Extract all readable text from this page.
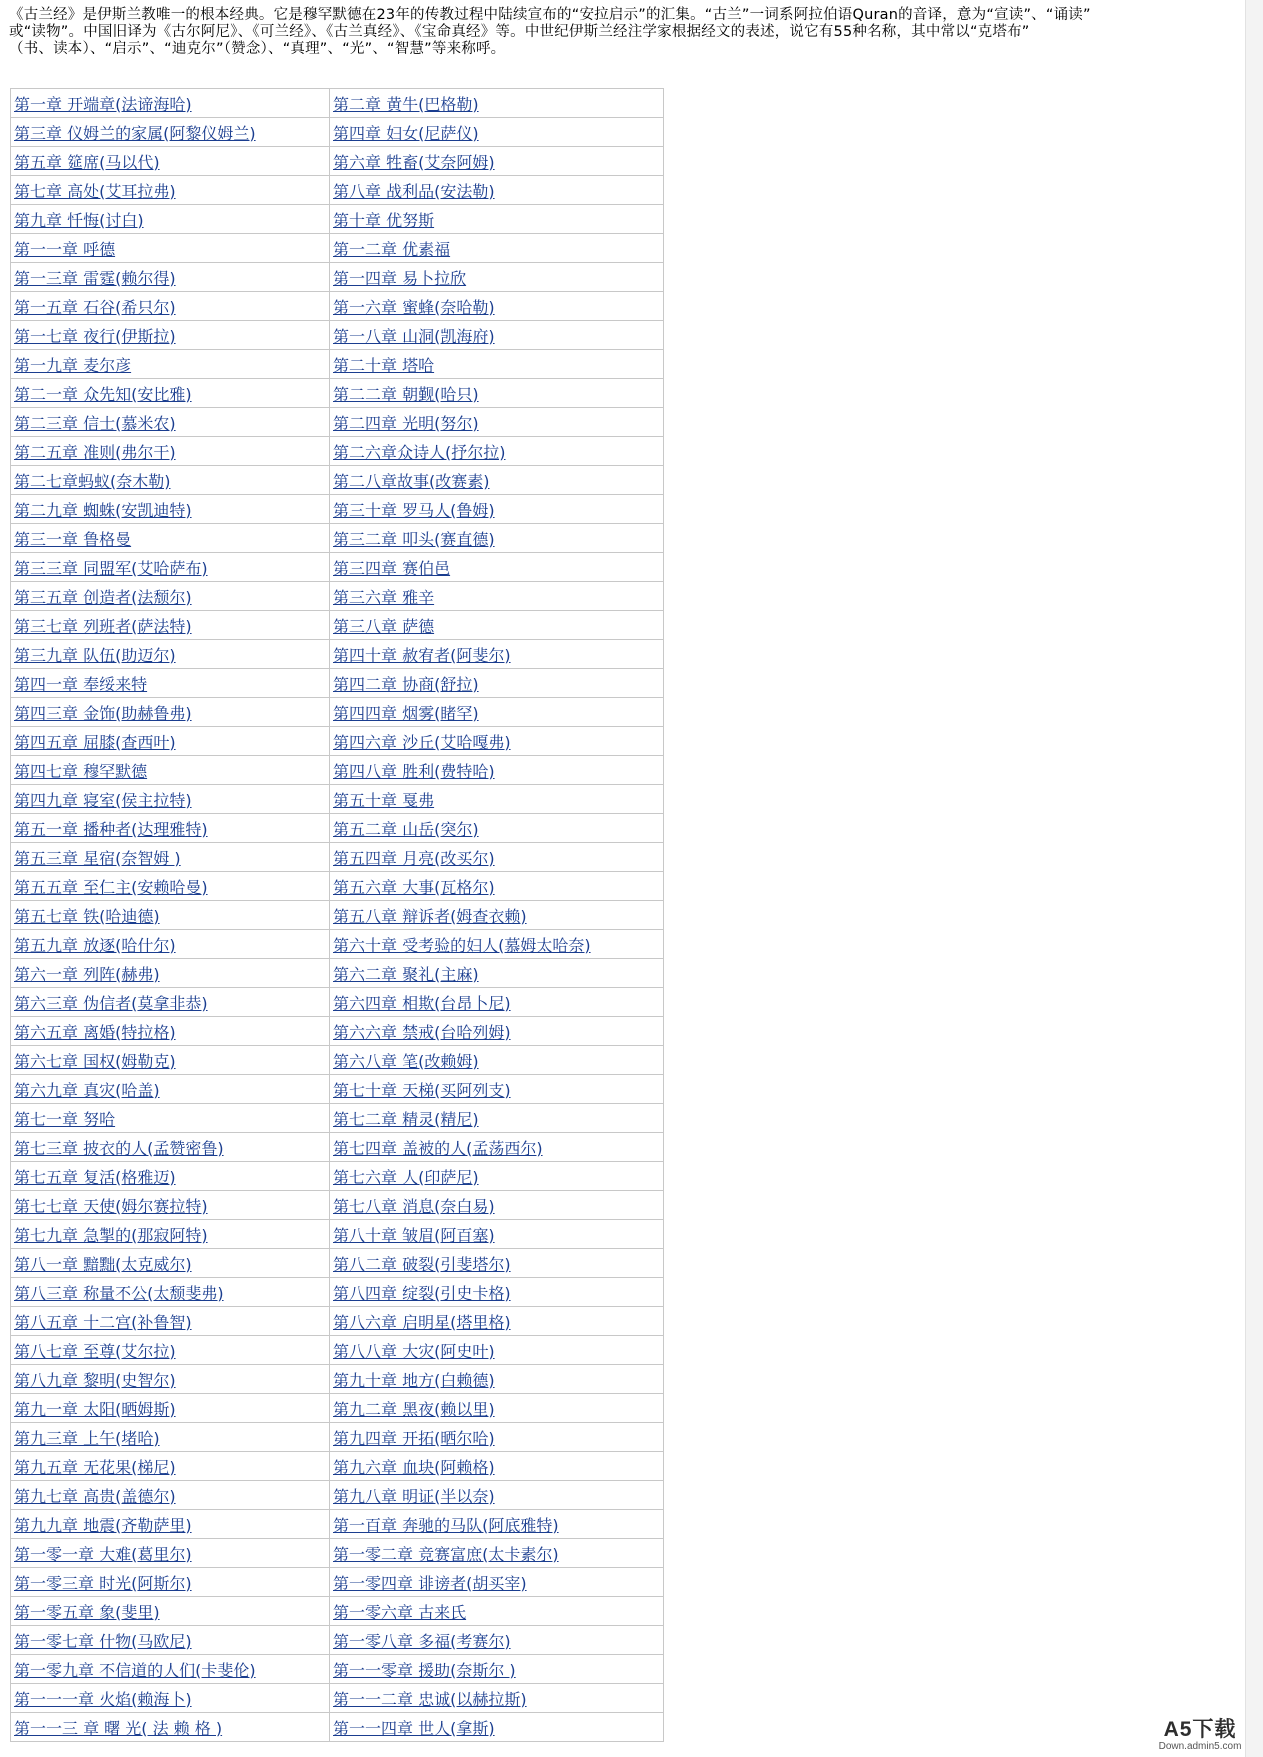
《古兰经》是伊斯兰教唯一的根本经典。它是穆罕默德在23年的传教过程中陆续宣布的“安拉启示”的汇集。“古兰”一词系阿拉伯语Quran的音译，意为“宣读”、“诵读”
或“读物”。中国旧译为《古尔阿尼》、《可兰经》、《古兰真经》、《宝命真经》等。中世纪伊斯兰经注学家根据经文的表述，说它有55种名称，其中常以“克塔布”
（书、读本）、“启示”、“迪克尔”（赞念）、“真理”、“光”、“智慧”等来称呼。
第一章 开端章(法谛海哈)	第二章 黄牛(巴格勒)
第三章 仪姆兰的家属(阿黎仪姆兰)	第四章 妇女(尼萨仪)
第五章 筵席(马以代)	第六章 牲畜(艾奈阿姆)
第七章 高处(艾耳拉弗)	第八章 战利品(安法勒)
第九章 忏悔(讨白)	第十章 优努斯
第一一章 呼德	第一二章 优素福
第一三章 雷霆(赖尔得)	第一四章 易卜拉欣
第一五章 石谷(希只尔)	第一六章 蜜蜂(奈哈勒)
第一七章 夜行(伊斯拉)	第一八章 山洞(凯海府)
第一九章 麦尔彦	第二十章 塔哈
第二一章 众先知(安比雅)	第二二章 朝觐(哈只)
第二三章 信士(慕米农)	第二四章 光明(努尔)
第二五章 准则(弗尔干)	第二六章众诗人(抒尔拉)
第二七章蚂蚁(奈木勒)	第二八章故事(改赛素)
第二九章 蜘蛛(安凯迪特)	第三十章 罗马人(鲁姆)
第三一章 鲁格曼	第三二章 叩头(赛直德)
第三三章 同盟军(艾哈萨布)	第三四章 赛伯邑
第三五章 创造者(法颓尔)	第三六章 雅辛
第三七章 列班者(萨法特)	第三八章 萨德
第三九章 队伍(助迈尔)	第四十章 赦宥者(阿斐尔)
第四一章 奉绥来特	第四二章 协商(舒拉)
第四三章 金饰(助赫鲁弗)	第四四章 烟雾(睹罕)
第四五章 屈膝(查西叶)	第四六章 沙丘(艾哈嘎弗)
第四七章 穆罕默德	第四八章 胜利(费特哈)
第四九章 寝室(侯主拉特)	第五十章 戛弗
第五一章 播种者(达理雅特)	第五二章 山岳(突尔)
第五三章 星宿(奈智姆 )	第五四章 月亮(改买尔)
第五五章 至仁主(安赖哈曼)	第五六章 大事(瓦格尔)
第五七章 铁(哈迪德)	第五八章 辩诉者(姆查衣赖)
第五九章 放逐(哈什尔)	第六十章 受考验的妇人(慕姆太哈奈)
第六一章 列阵(赫弗)	第六二章 聚礼(主麻)
第六三章 伪信者(莫拿非恭)	第六四章 相欺(台昂卜尼)
第六五章 离婚(特拉格)	第六六章 禁戒(台哈列姆)
第六七章 国权(姆勒克)	第六八章 笔(改赖姆)
第六九章 真灾(哈盖)	第七十章 天梯(买阿列支)
第七一章 努哈	第七二章 精灵(精尼)
第七三章 披衣的人(孟赞密鲁)	第七四章 盖被的人(孟荡西尔)
第七五章 复活(格雅迈)	第七六章 人(印萨尼)
第七七章 天使(姆尔赛拉特)	第七八章 消息(奈白易)
第七九章 急掣的(那寂阿特)	第八十章 皱眉(阿百塞)
第八一章 黯黜(太克威尔)	第八二章 破裂(引斐塔尔)
第八三章 称量不公(太颓斐弗)	第八四章 绽裂(引史卡格)
第八五章 十二宫(补鲁智)	第八六章 启明星(塔里格)
第八七章 至尊(艾尔拉)	第八八章 大灾(阿史叶)
第八九章 黎明(史智尔)	第九十章 地方(白赖德)
第九一章 太阳(晒姆斯)	第九二章 黑夜(赖以里)
第九三章 上午(堵哈)	第九四章 开拓(晒尔哈)
第九五章 无花果(梯尼)	第九六章 血块(阿赖格)
第九七章 高贵(盖德尔)	第九八章 明证(半以奈)
第九九章 地震(齐勒萨里)	第一百章 奔驰的马队(阿底雅特)
第一零一章 大难(葛里尔)	第一零二章 竞赛富庶(太卡素尔)
第一零三章 时光(阿斯尔)	第一零四章 诽谤者(胡买宰)
第一零五章 象(斐里)	第一零六章 古来氏
第一零七章 什物(马欧尼)	第一零八章 多福(考赛尔)
第一零九章 不信道的人们(卡斐伦)	第一一零章 援助(奈斯尔 )
第一一一章 火焰(赖海卜)	第一一二章 忠诚(以赫拉斯)
第一一三 章 曙 光( 法 赖 格 )	第一一四章 世人(拿斯)	A5下载
Down.admin5.com
